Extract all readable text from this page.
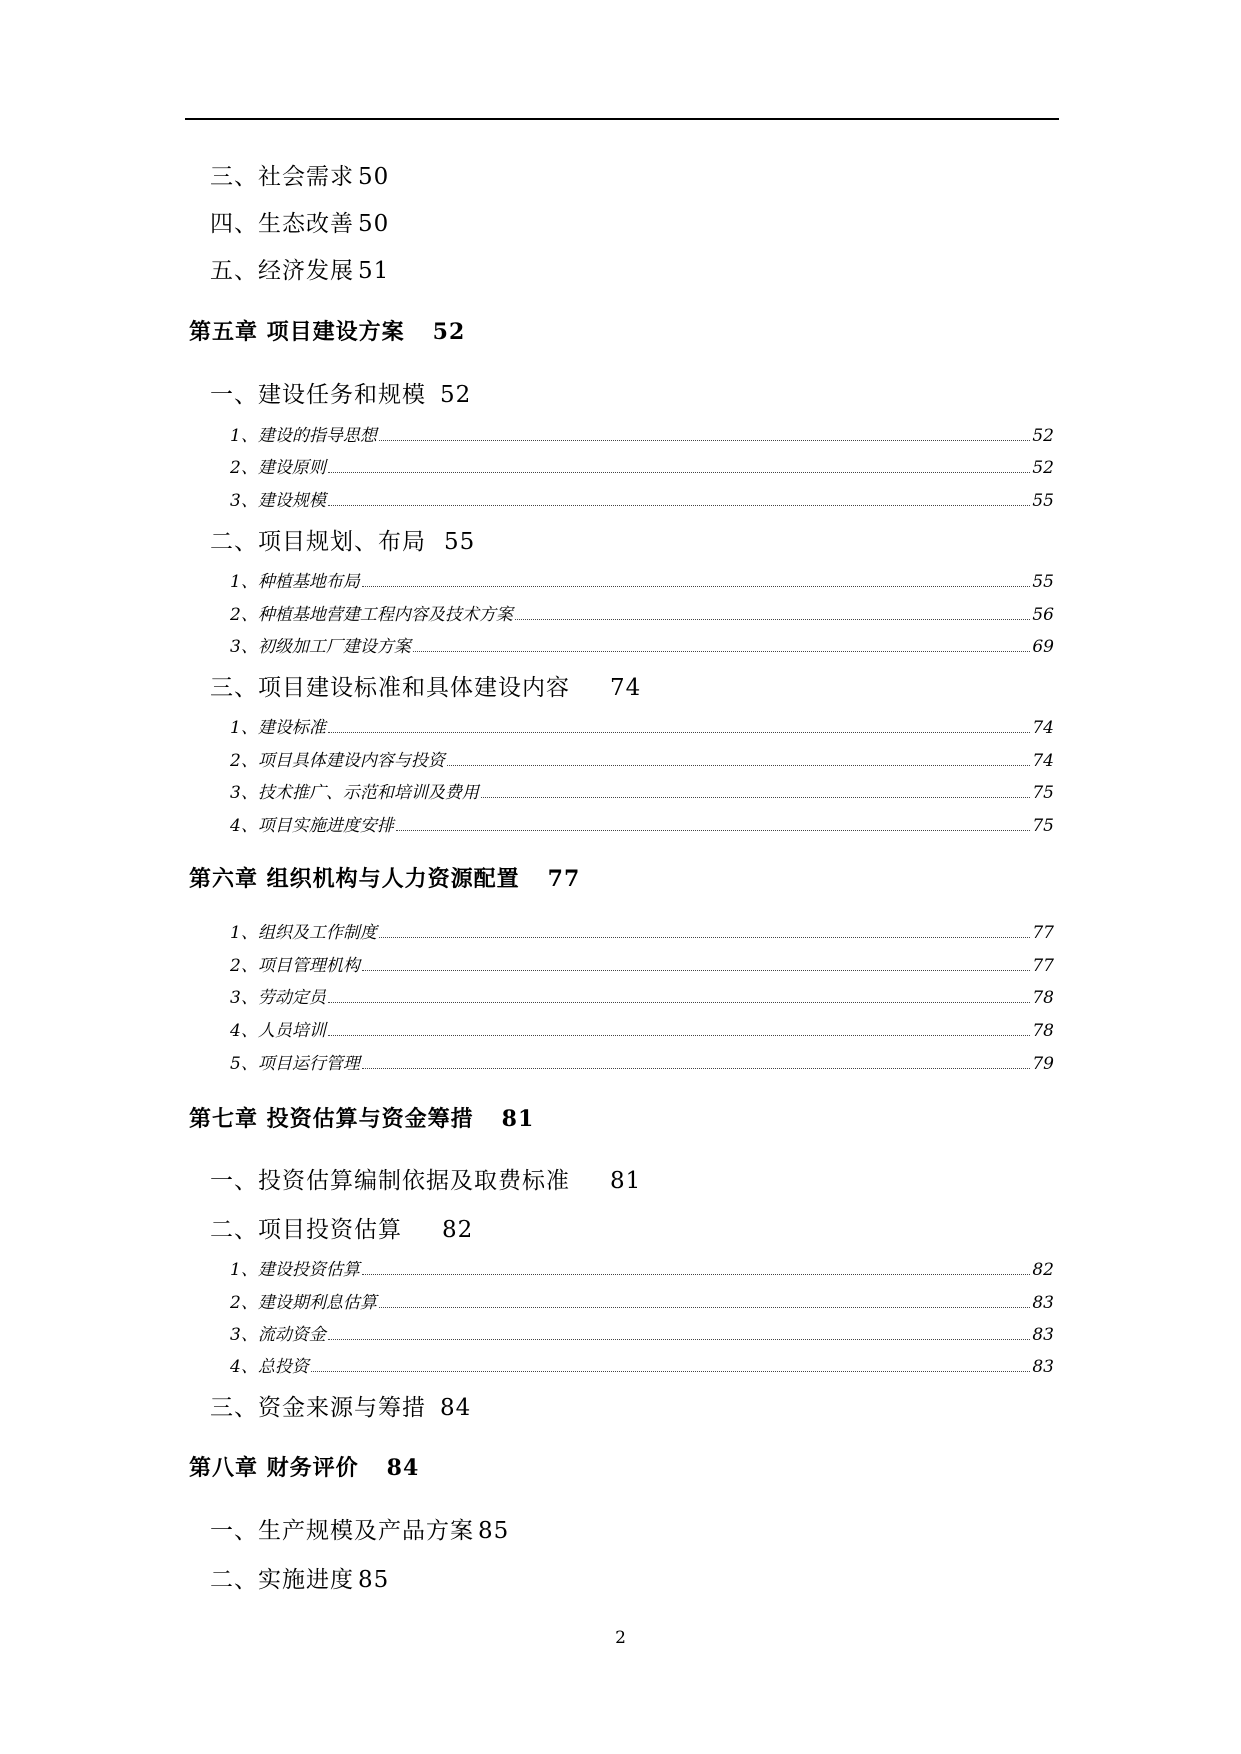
三、社会需求 50
四、生态改善 50
五、经济发展 51
第五章 项目建设方案 52
一、建设任务和规模 52
1、建设的指导思想	52
2、建设原则	52
3、建设规模	55
二、项目规划、布局 55
1、种植基地布局	55
2、种植基地营建工程内容及技术方案	56
3、初级加工厂建设方案	69
三、项目建设标准和具体建设内容 74
1、建设标准	74
2、项目具体建设内容与投资	74
3、技术推广、示范和培训及费用	75
4、项目实施进度安排	75
第六章 组织机构与人力资源配置 77
1、组织及工作制度	77
2、项目管理机构	77
3、劳动定员	78
4、人员培训	78
5、项目运行管理	79
第七章 投资估算与资金筹措 81
一、投资估算编制依据及取费标准 81
二、项目投资估算 82
1、建设投资估算	82
2、建设期利息估算	83
3、流动资金	83
4、总投资	83
三、资金来源与筹措 84
第八章 财务评价 84
一、生产规模及产品方案 85
二、实施进度 85
2
